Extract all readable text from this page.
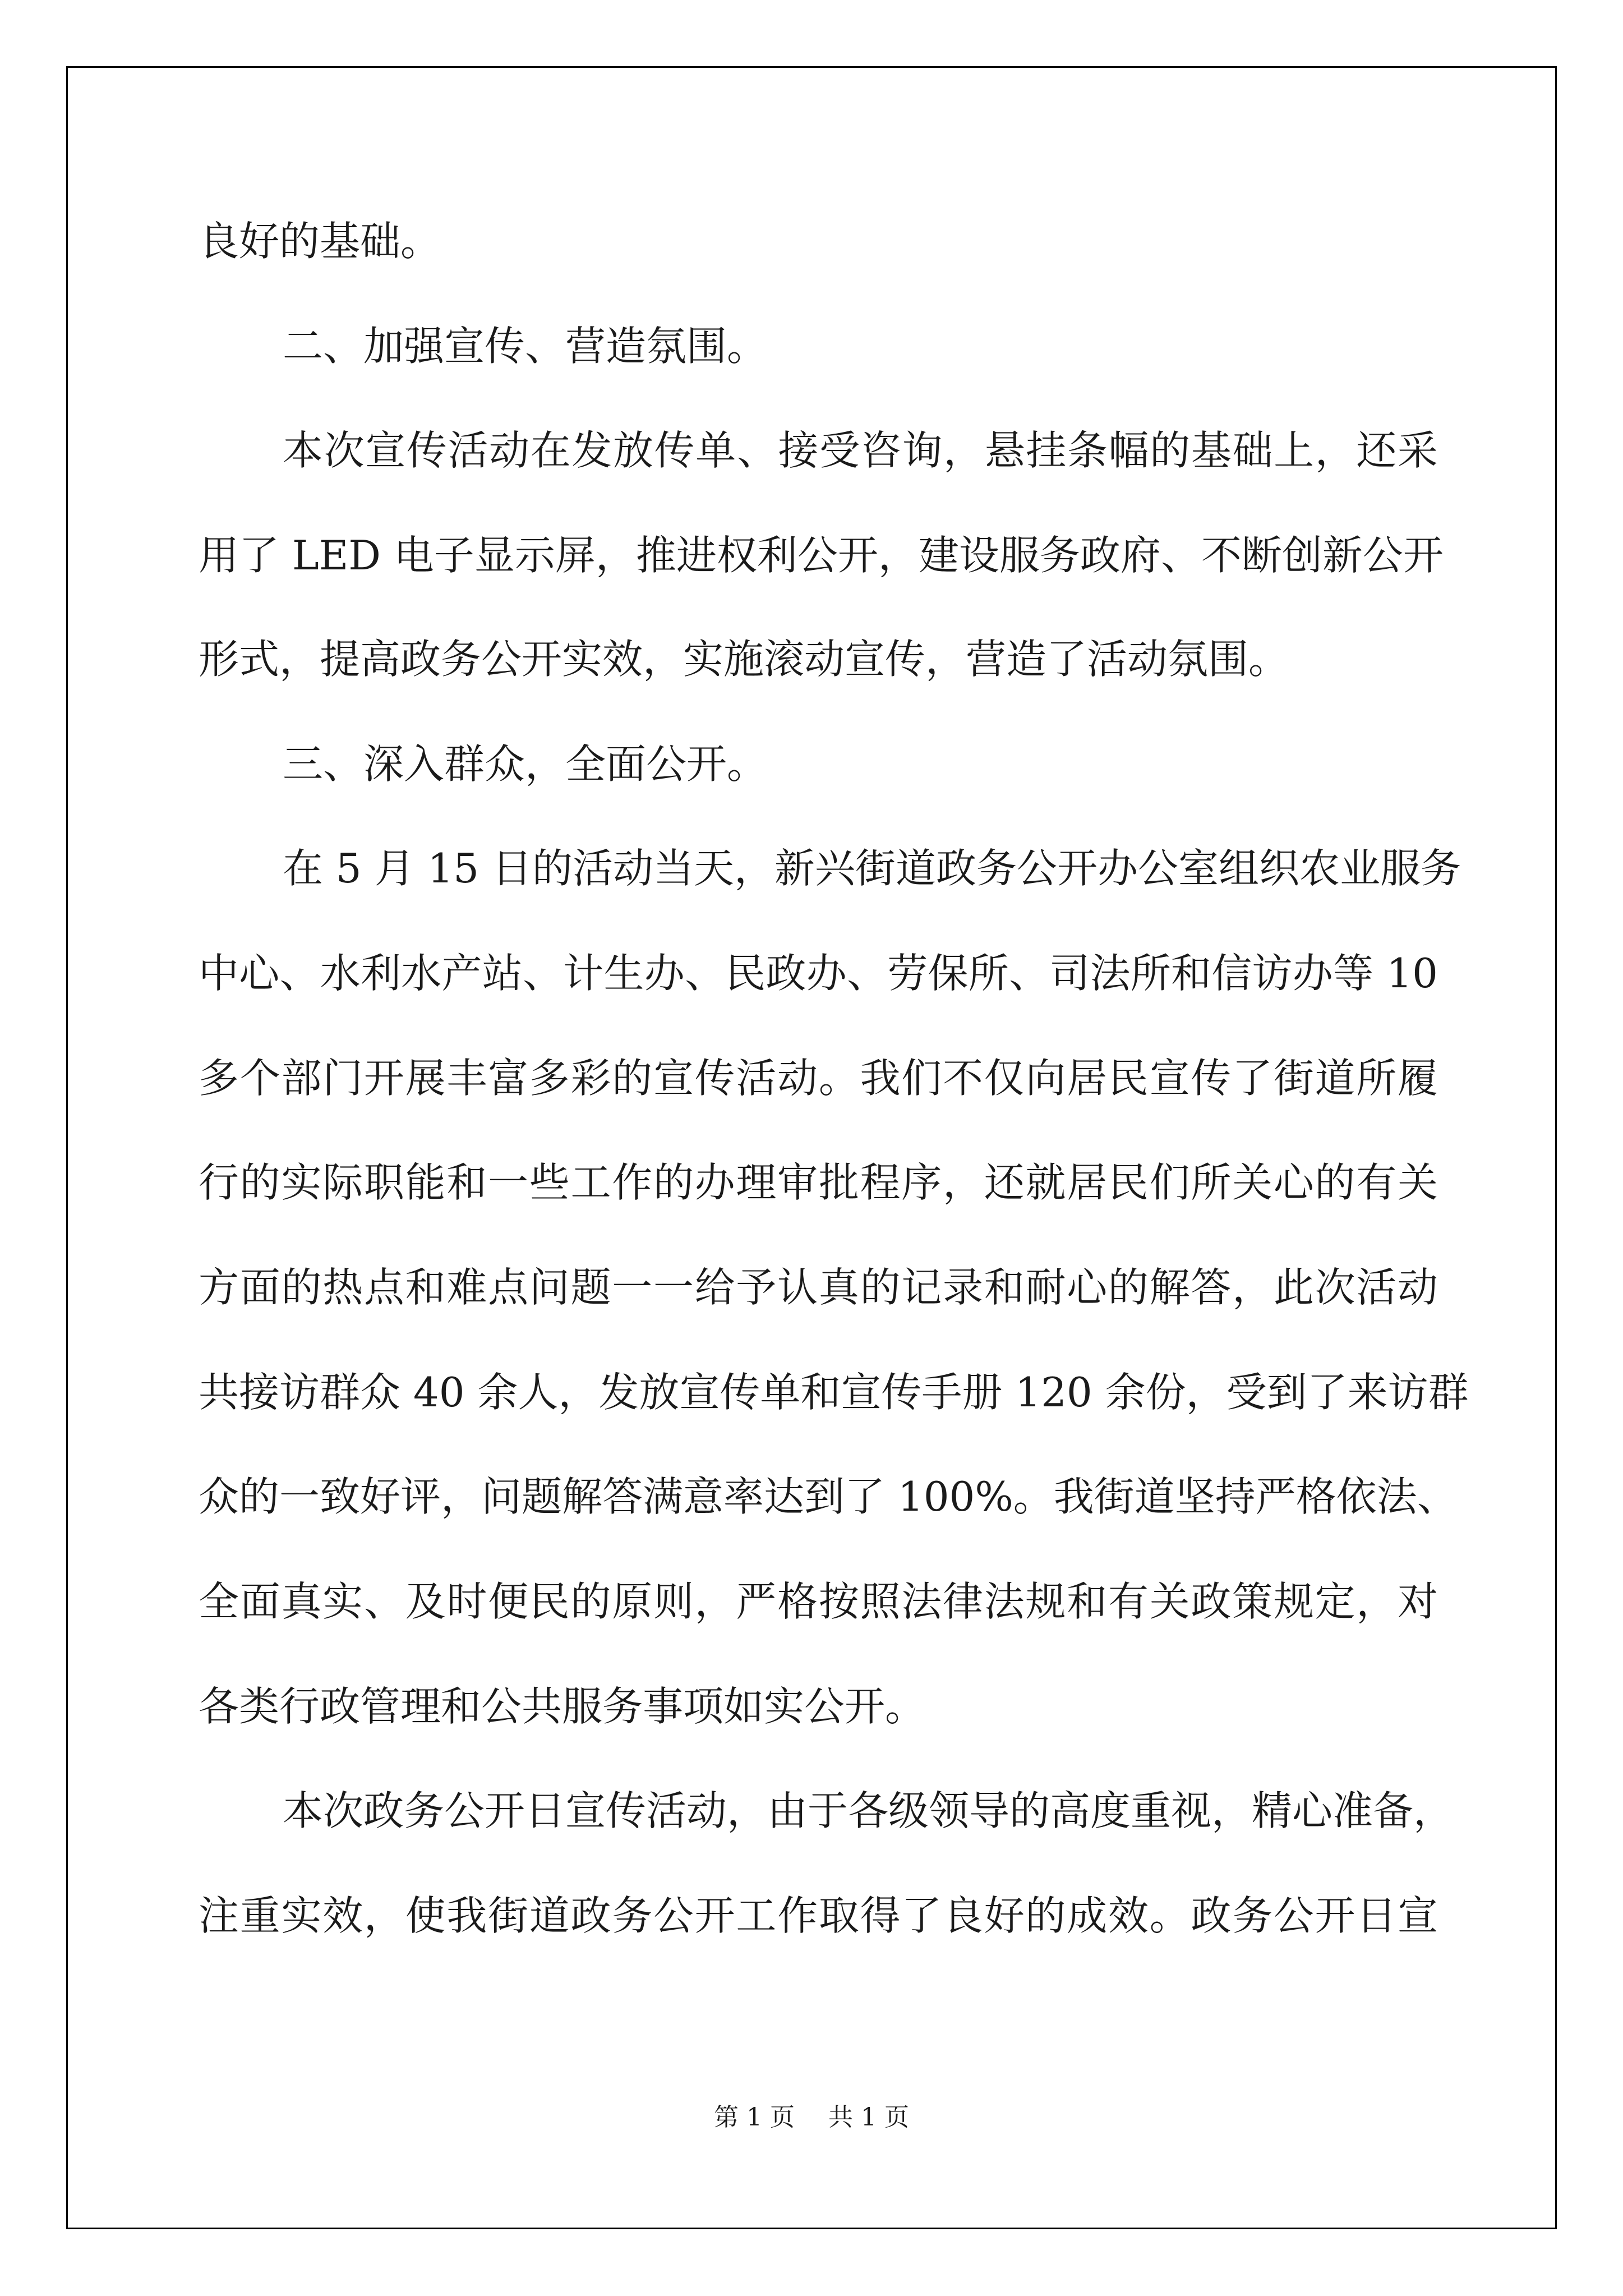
良好的基础。
二、加强宣传、营造氛围。
本次宣传活动在发放传单、接受咨询，悬挂条幅的基础上，还采
用了 LED 电子显示屏，推进权利公开，建设服务政府、不断创新公开
形式，提高政务公开实效，实施滚动宣传，营造了活动氛围。
三、深入群众，全面公开。
在 5 月 15 日的活动当天，新兴街道政务公开办公室组织农业服务
中心、水利水产站、计生办、民政办、劳保所、司法所和信访办等 10
多个部门开展丰富多彩的宣传活动。我们不仅向居民宣传了街道所履
行的实际职能和一些工作的办理审批程序，还就居民们所关心的有关
方面的热点和难点问题一一给予认真的记录和耐心的解答，此次活动
共接访群众 40 余人，发放宣传单和宣传手册 120 余份，受到了来访群
众的一致好评，问题解答满意率达到了 100%。我街道坚持严格依法、
全面真实、及时便民的原则，严格按照法律法规和有关政策规定，对
各类行政管理和公共服务事项如实公开。
本次政务公开日宣传活动，由于各级领导的高度重视，精心准备，
注重实效，使我街道政务公开工作取得了良好的成效。政务公开日宣
第 1 页 共 1 页
